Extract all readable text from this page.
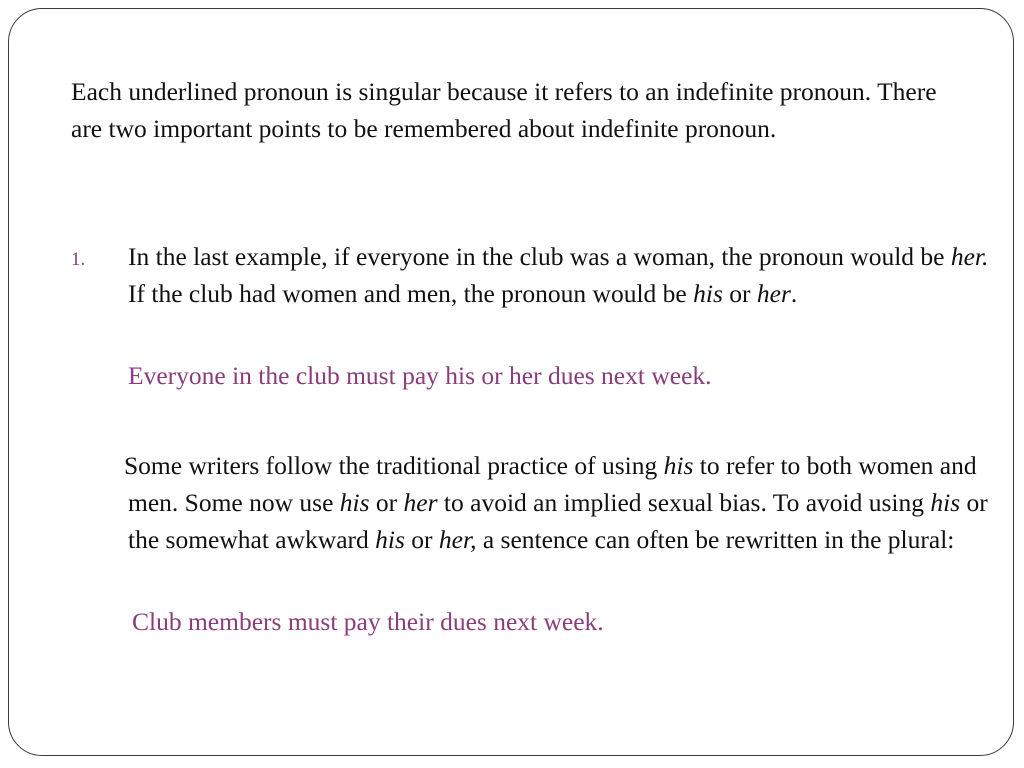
Each underlined pronoun is singular because it refers to an indefinite pronoun. There are two important points to be remembered about indefinite pronoun.

1.	In the last example, if everyone in the club was a woman, the pronoun would be her. If the club had women and men, the pronoun would be his or her.

Everyone in the club must pay his or her dues next week.

Some writers follow the traditional practice of using his to refer to both women and men. Some now use his or her to avoid an implied sexual bias. To avoid using his or the somewhat awkward his or her, a sentence can often be rewritten in the plural:

Club members must pay their dues next week.
